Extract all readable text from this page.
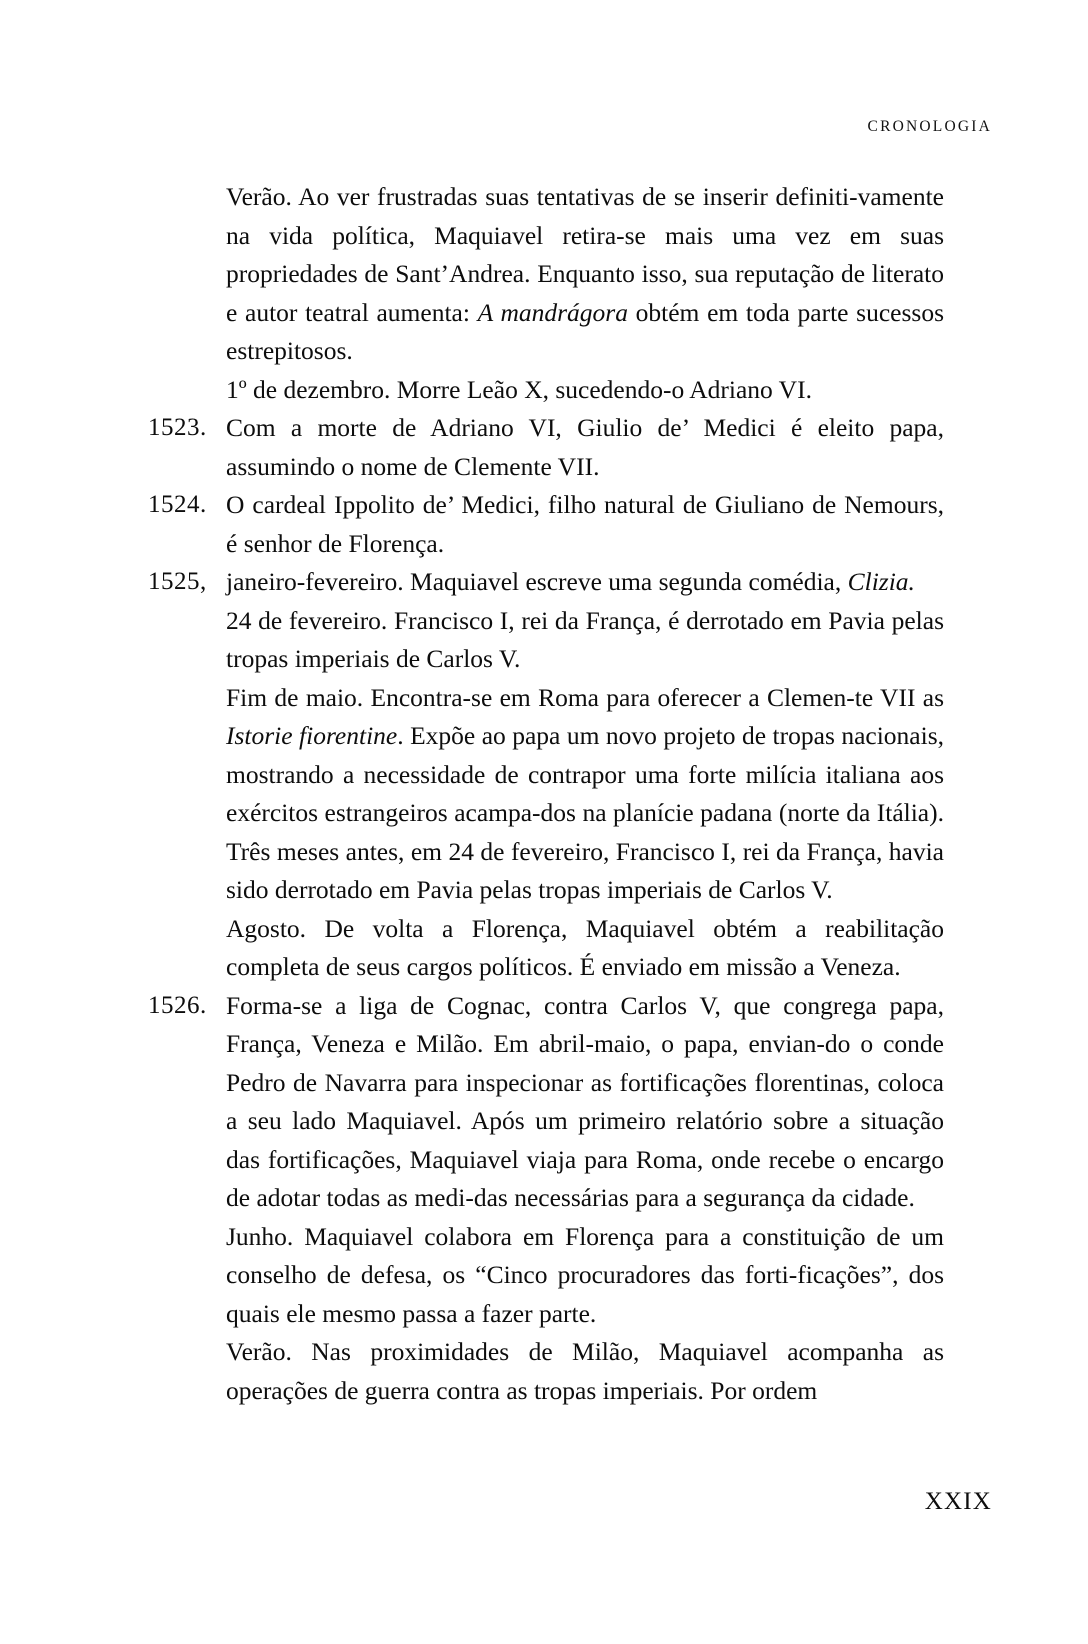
CRONOLOGIA

Verão. Ao ver frustradas suas tentativas de se inserir definiti-vamente na vida política, Maquiavel retira-se mais uma vez em suas propriedades de Sant’Andrea. Enquanto isso, sua reputação de literato e autor teatral aumenta: A mandrágora obtém em toda parte sucessos estrepitosos.

1º de dezembro. Morre Leão X, sucedendo-o Adriano VI.

1523. Com a morte de Adriano VI, Giulio de’ Medici é eleito papa, assumindo o nome de Clemente VII.

1524. O cardeal Ippolito de’ Medici, filho natural de Giuliano de Nemours, é senhor de Florença.

1525, janeiro-fevereiro. Maquiavel escreve uma segunda comédia, Clizia.

24 de fevereiro. Francisco I, rei da França, é derrotado em Pavia pelas tropas imperiais de Carlos V.

Fim de maio. Encontra-se em Roma para oferecer a Clemen-te VII as Istorie fiorentine. Expõe ao papa um novo projeto de tropas nacionais, mostrando a necessidade de contrapor uma forte milícia italiana aos exércitos estrangeiros acampa-dos na planície padana (norte da Itália). Três meses antes, em 24 de fevereiro, Francisco I, rei da França, havia sido derrotado em Pavia pelas tropas imperiais de Carlos V.

Agosto. De volta a Florença, Maquiavel obtém a reabilitação completa de seus cargos políticos. É enviado em missão a Veneza.

1526. Forma-se a liga de Cognac, contra Carlos V, que congrega papa, França, Veneza e Milão. Em abril-maio, o papa, envian-do o conde Pedro de Navarra para inspecionar as fortificações florentinas, coloca a seu lado Maquiavel. Após um primeiro relatório sobre a situação das fortificações, Maquiavel viaja para Roma, onde recebe o encargo de adotar todas as medi-das necessárias para a segurança da cidade.

Junho. Maquiavel colabora em Florença para a constituição de um conselho de defesa, os “Cinco procuradores das forti-ficações”, dos quais ele mesmo passa a fazer parte.

Verão. Nas proximidades de Milão, Maquiavel acompanha as operações de guerra contra as tropas imperiais. Por ordem

XXIX
